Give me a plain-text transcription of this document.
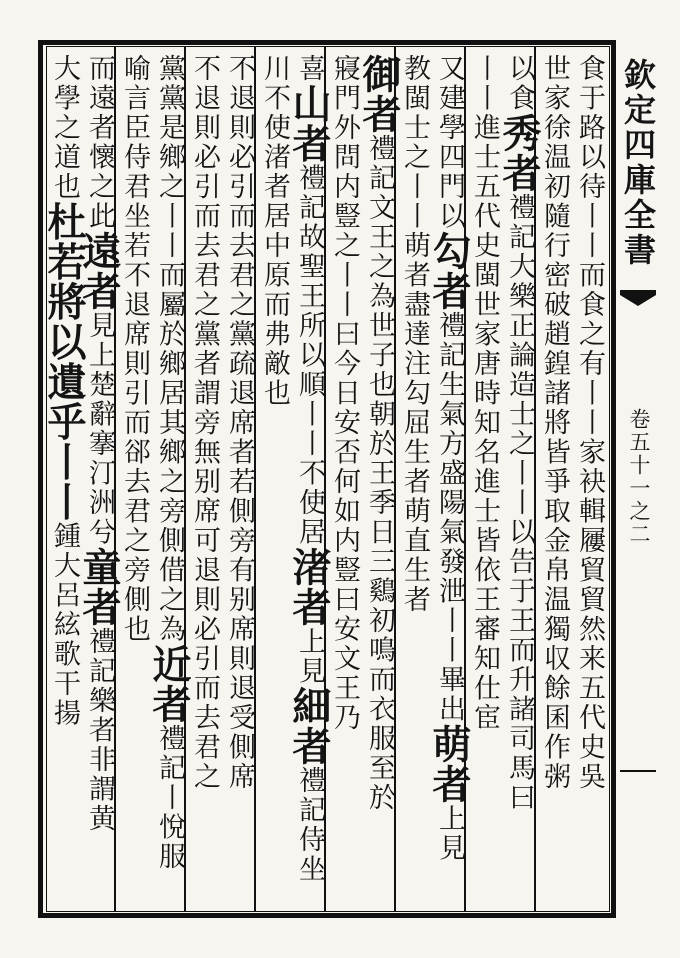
欽定四庫全書
卷五十一之二
食于路以待丨丨而食之有丨丨家袂輯屨貿貿然来五代史吳
世家徐温初隨行密破趙鍠諸將皆爭取金帛温獨収餘囷作粥
以食秀者禮記大樂正論造士之丨丨以告于王而升諸司馬曰
丨丨進士五代史閩世家唐時知名進士皆依王審知仕宦
又建學四門以勾者禮記生氣方盛陽氣發泄丨丨畢出萌者上見
教閩士之丨丨萌者盡達注勾屈生者萌直生者
御者禮記文王之為世子也朝於王季日三鷄初鳴而衣服至於
寢門外問内豎之丨丨曰今日安否何如内豎曰安文王乃
喜山者禮記故聖王所以順丨丨不使居渚者上見細者禮記侍坐
川不使渚者居中原而弗敵也
不退則必引而去君之黨疏退席者若側旁有别席則退受側席
不退則必引而去君之黨者謂旁無别席可退則必引而去君之
黨黨是鄉之丨丨而屬於鄉居其鄉之旁側借之為近者禮記丨悅服
喻言臣侍君坐若不退席則引而郤去君之旁側也
而遠者懷之此遠者見上楚辭搴汀洲兮童者禮記樂者非謂黄
大學之道也杜若將以遺乎丨丨鍾大呂絃歌干揚
